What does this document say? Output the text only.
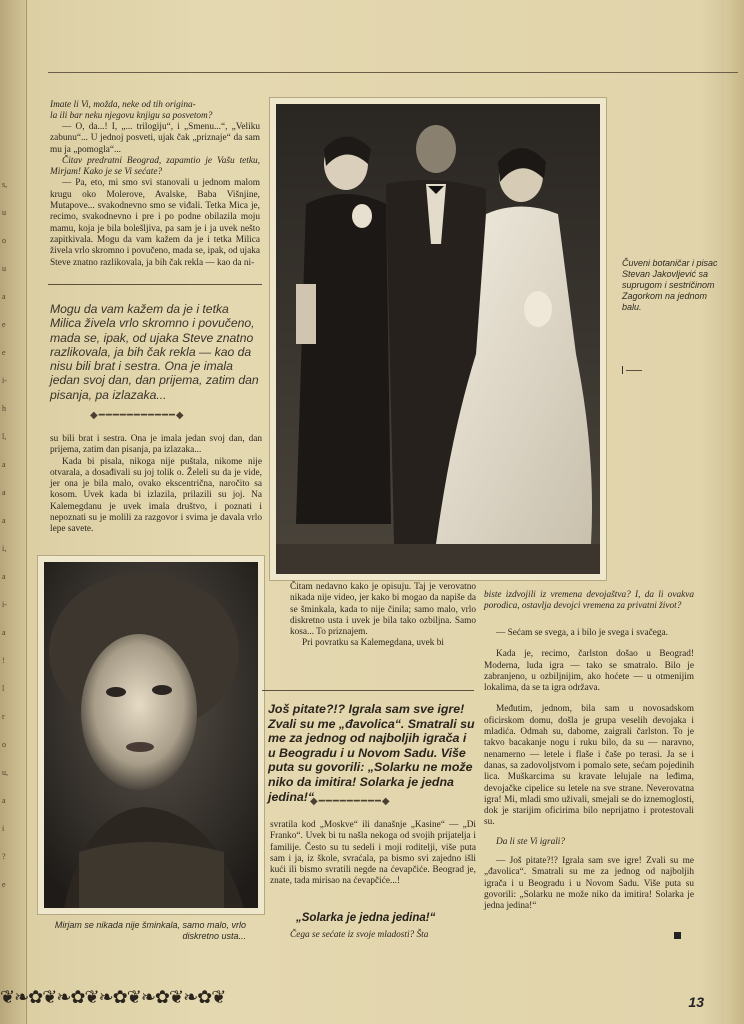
s,
u
o
u
a
e
e
i-
h
l,
a
a
a
i,
a
i-
a
!
l
r
o
u,
a
i
?
e

Imate li Vi, možda, neke od tih origina-

la ili bar neku njegovu knjigu sa posvetom?

— O, da...! I, „... trilogiju“, i „Smenu...“, „Veliku zabunu“... U jednoj posveti, ujak čak „priznaje“ da sam mu ja „pomogla“...

Čitav predratni Beograd, zapamtio je Vašu tetku, Mirjam! Kako je se Vi sećate?

— Pa, eto, mi smo svi stanovali u jednom malom krugu oko Molerove, Avalske, Baba Višnjine, Mutapove... svakodnevno smo se viđali. Tetka Mica je, recimo, svakodnevno i pre i po podne obilazila moju mamu, koja je bila bolešljiva, pa sam je i ja uvek nešto zapitkivala. Mogu da vam kažem da je i tetka Milica živela vrlo skromno i povučeno, mada se, ipak, od ujaka Steve znatno razlikovala, ja bih čak rekla — kao da ni-

Mogu da vam kažem da je i tetka Milica živela vrlo skromno i povučeno, mada se, ipak, od ujaka Steve znatno razlikovala, ja bih čak rekla — kao da nisu bili brat i sestra. Ona je imala jedan svoj dan, dan prijema, zatim dan pisanja, pa izlazaka...
◆━━━━━━━━━━━◆

su bili brat i sestra. Ona je imala jedan svoj dan, dan prijema, zatim dan pisanja, pa izlazaka...

Kada bi pisala, nikoga nije puštala, nikome nije otvarala, a dosađivali su joj tolik o. Želeli su da je vide, jer ona je bila malo, ovako ekscentrična, naročito sa kosom. Uvek kada bi izlazila, prilazili su joj. Na Kalemegdanu je uvek imala društvo, i poznati i nepoznati su je molili za razgovor i svima je davala vrlo lepe savete.

Mirjam se nikada nije šminkala, samo malo, vrlo diskretno usta...
Čuveni botaničar i pisac Stevan Jakovljević sa suprugom i sestričinom Zagorkom na jednom balu.

Čitam nedavno kako je opisuju. Taj je verovatno nikada nije video, jer kako bi mogao da napiše da se šminkala, kada to nije činila; samo malo, vrlo diskretno usta i uvek je bila tako ozbiljna. Samo kosa... To priznajem.

Pri povratku sa Kalemegdana, uvek bi

Još pitate?!? Igrala sam sve igre! Zvali su me „đavolica“. Smatrali su me za jednog od najboljih igrača i u Beogradu i u Novom Sadu. Više puta su govorili: „Solarku ne može niko da imitira! Solarka je jedna jedina!“
◆━━━━━━━━━◆
svratila kod „Moskve“ ili današnje „Kasine“ — „Di Franko“. Uvek bi tu našla nekoga od svojih prijatelja i familije. Često su tu sedeli i moji roditelji, više puta sam i ja, iz škole, svraćala, pa bismo svi zajedno išli kući ili bismo svratili negde na ćevapčiće. Beograd je, znate, tada mirisao na ćevapčiće...!
„Solarka je jedna jedina!“
Čega se sećate iz svoje mladosti? Šta
biste izdvojili iz vremena devojaštva? I, da li ovakva porodica, ostavlja devojci vremena za privatni život?

— Sećam se svega, a i bilo je svega i svačega.

Kada je, recimo, čarlston došao u Beograd! Moderna, luda igra — tako se smatralo. Bilo je zabranjeno, u ozbiljnijim, ako hoćete — u otmenijim lokalima, da se ta igra održava.

Međutim, jednom, bila sam u novosadskom oficirskom domu, došla je grupa veselih devojaka i mladića. Odmah su, dabome, zaigrali čarlston. To je takvo bacakanje nogu i ruku bilo, da su — naravno, nenamerno — letele i flaše i čaše po terasi. Ja se i danas, sa zadovoljstvom i pomalo sete, sećam pojedinih lica. Muškarcima su kravate lelujale na leđima, devojačke cipelice su letele na sve strane. Neverovatna igra! Mi, mladi smo uživali, smejali se do iznemoglosti, dok je starijim oficirima bilo neprijatno i protestovali su.

Da li ste Vi igrali?

— Još pitate?!? Igrala sam sve igre! Zvali su me „đavolica“. Smatrali su me za jednog od najboljih igrača i u Beogradu i u Novom Sadu. Više puta su govorili: „Solarku ne može niko da imitira! Solarka je jedna jedina!“

❦❧✿❦❧✿❦❧✿❦❧✿❦❧✿❦	13
